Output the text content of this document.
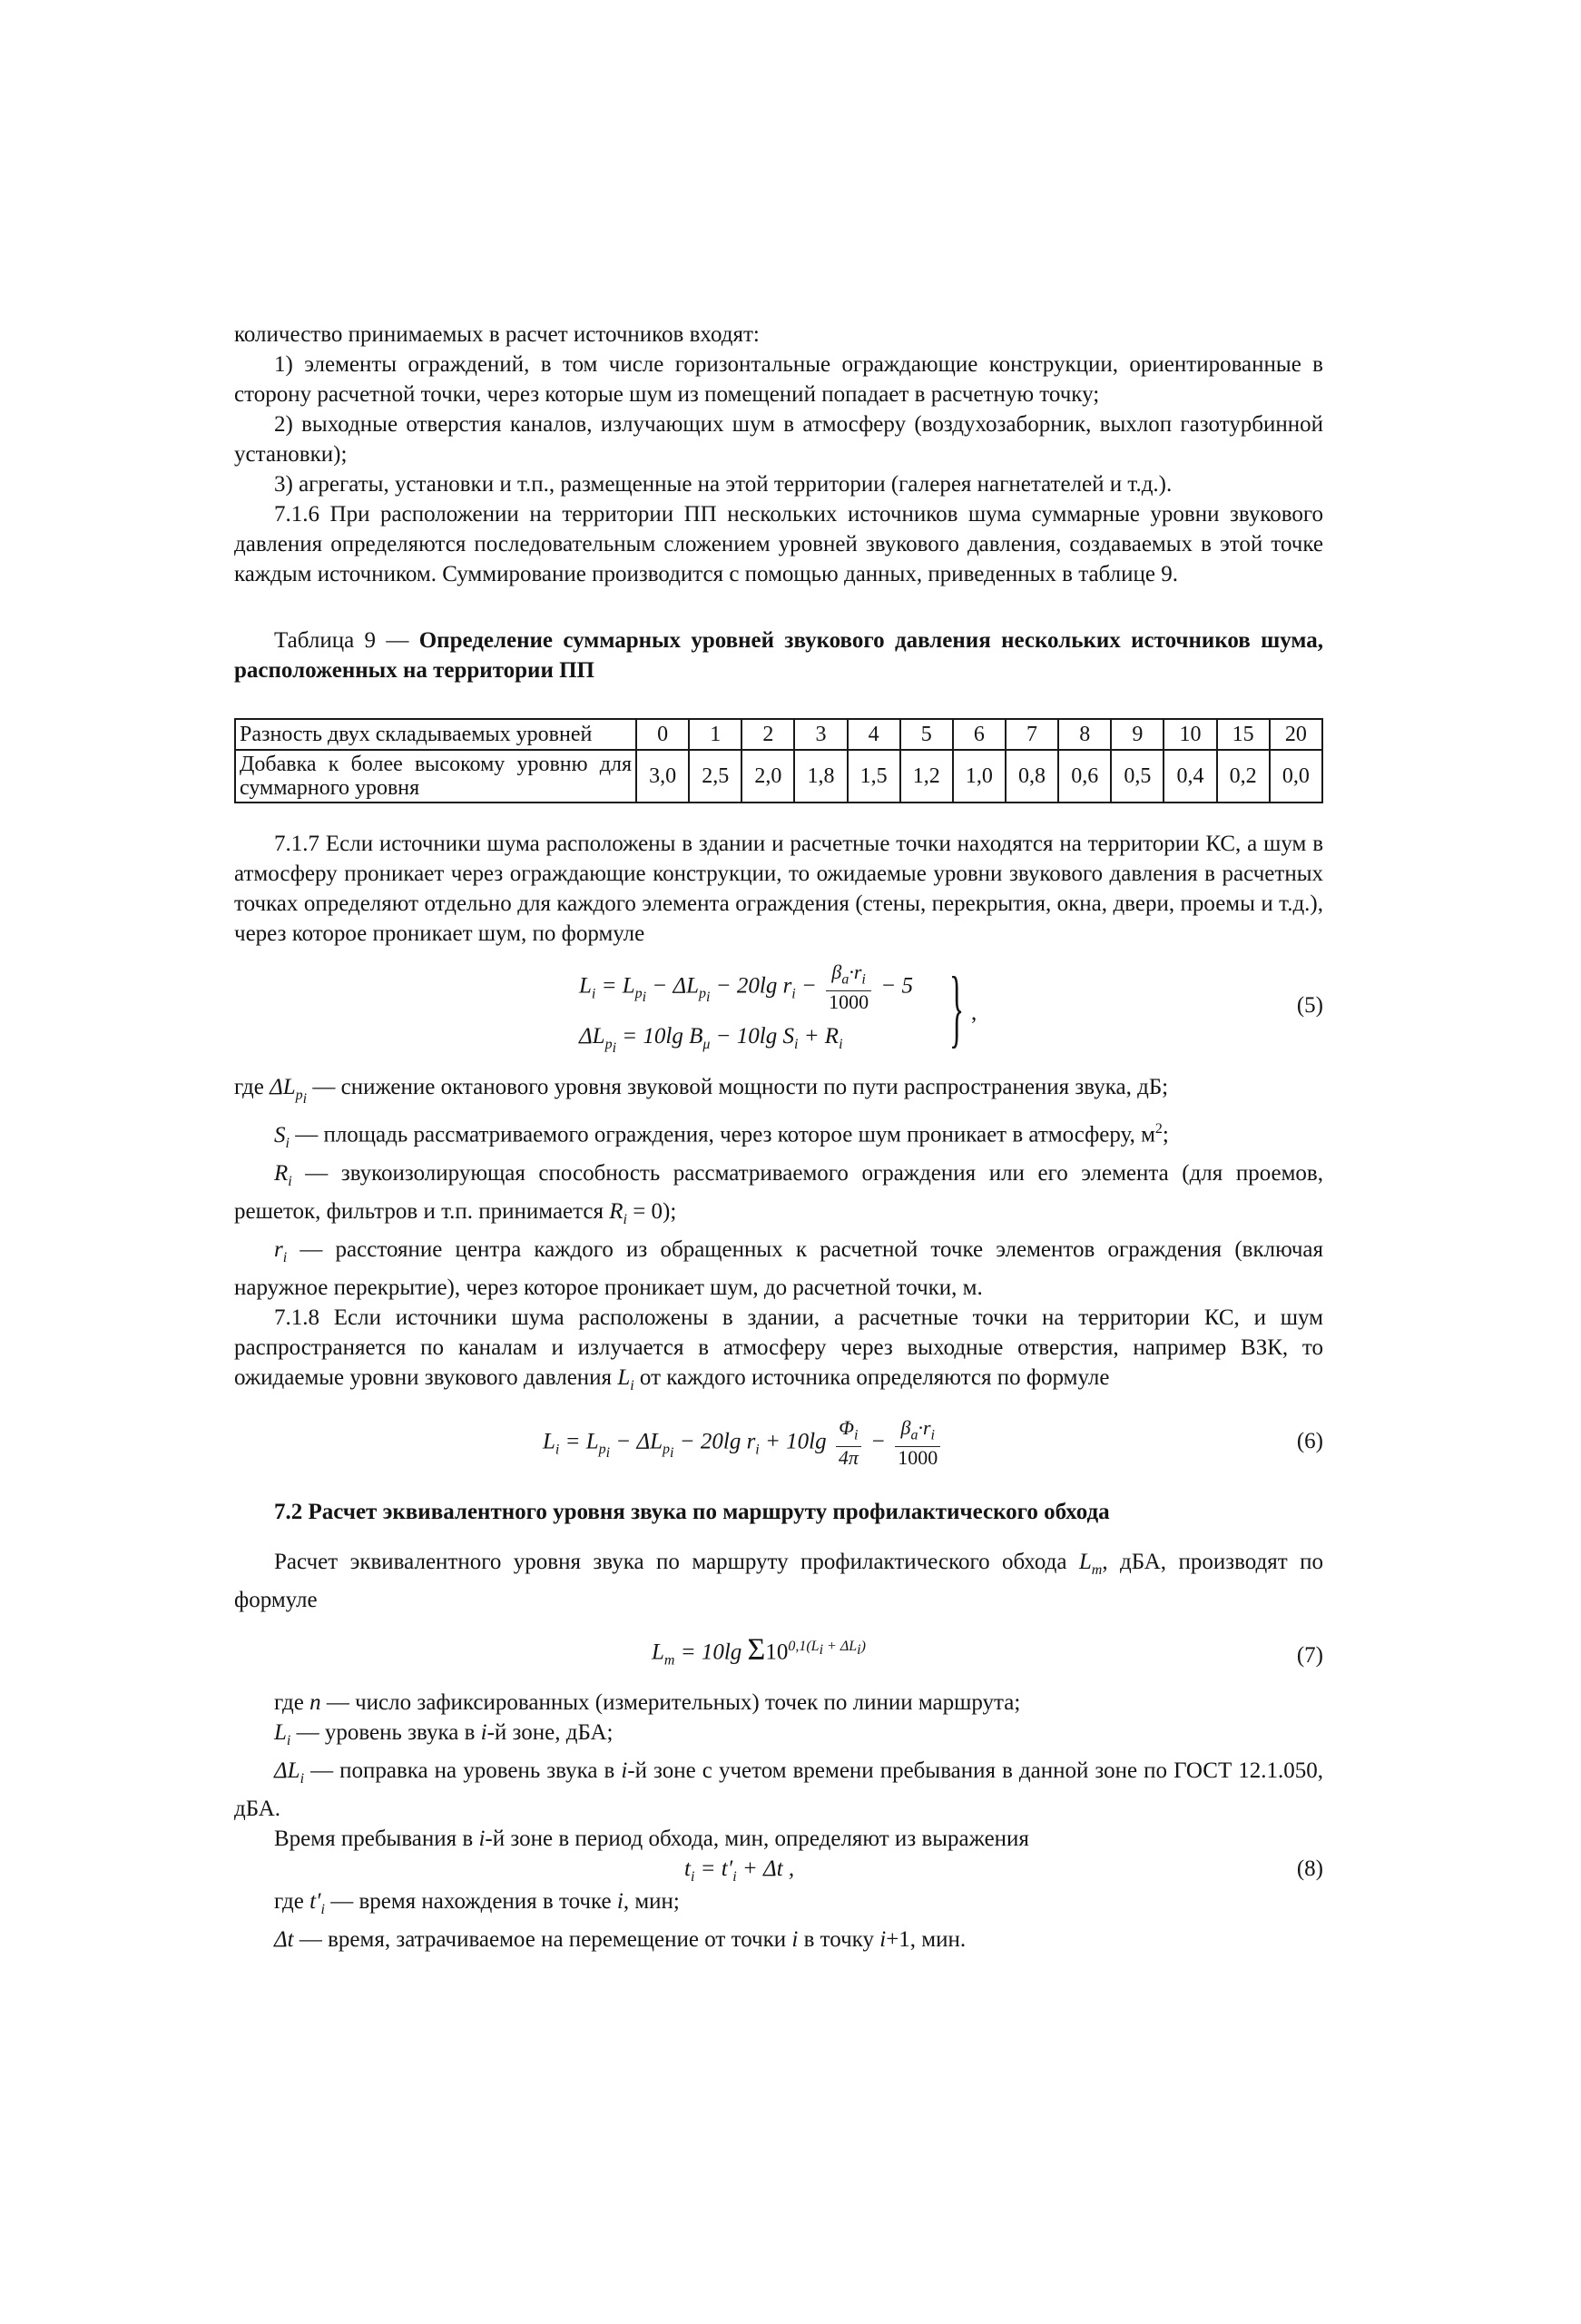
количество принимаемых в расчет источников входят:

1) элементы ограждений, в том числе горизонтальные ограждающие конструкции, ориентированные в сторону расчетной точки, через которые шум из помещений попадает в расчетную точку;

2) выходные отверстия каналов, излучающих шум в атмосферу (воздухозаборник, выхлоп газотурбинной установки);

3) агрегаты, установки и т.п., размещенные на этой территории (галерея нагнетателей и т.д.).

7.1.6 При расположении на территории ПП нескольких источников шума суммарные уровни звукового давления определяются последовательным сложением уровней звукового давления, создаваемых в этой точке каждым источником. Суммирование производится с помощью данных, приведенных в таблице 9.

Таблица 9 — Определение суммарных уровней звукового давления нескольких источников шума, расположенных на территории ПП

Разность двух складываемых уровней	0	1	2	3	4	5	6	7	8	9	10	15	20
Добавка к более высокому уровню для суммарного уровня	3,0	2,5	2,0	1,8	1,5	1,2	1,0	0,8	0,6	0,5	0,4	0,2	0,0

7.1.7 Если источники шума расположены в здании и расчетные точки находятся на территории КС, а шум в атмосферу проникает через ограждающие конструкции, то ожидаемые уровни звукового давления в расчетных точках определяют отдельно для каждого элемента ограждения (стены, перекрытия, окна, двери, проемы и т.д.), через которое проникает шум, по формуле

$L_i = L_{p_i} - \Delta L_{p_i} - 20\lg$ $r_i - \frac{\beta_a\cdot r_i}{1000} - 5$
$\Delta L_{p_i} = 10\lg$ $B_\mu - 10\lg$ $S_i + R_i$ } ,	(5)

где $\Delta L_{p_i}$ — снижение октанового уровня звуковой мощности по пути распространения звука, дБ;

$S_i$ — площадь рассматриваемого ограждения, через которое шум проникает в атмосферу, $м^2$;

$R_i$ — звукоизолирующая способность рассматриваемого ограждения или его элемента (для проемов, решеток, фильтров и т.п. принимается $R_i = 0$);

$r_i$ — расстояние центра каждого из обращенных к расчетной точке элементов ограждения (включая наружное перекрытие), через которое проникает шум, до расчетной точки, м.

7.1.8 Если источники шума расположены в здании, а расчетные точки на территории КС, и шум распространяется по каналам и излучается в атмосферу через выходные отверстия, например ВЗК, то ожидаемые уровни звукового давления $L_i$ от каждого источника определяются по формуле

$L_i = L_{p_i} - \Delta L_{p_i} - 20\lg$ $r_i + 10\lg \frac{\Phi_i}{4\pi} - \frac{\beta_a\cdot r_i}{1000}$	(6)

7.2 Расчет эквивалентного уровня звука по маршруту профилактического обхода

Расчет эквивалентного уровня звука по маршруту профилактического обхода $L_m$, дБА, производят по формуле

$L_m = 10\lg$ $\Sigma 10^{0,1(L_i + \Delta L_i)}$	(7)

где n — число зафиксированных (измерительных) точек по линии маршрута;

$L_i$ — уровень звука в i-й зоне, дБА;

$\Delta L_i$ — поправка на уровень звука в i-й зоне с учетом времени пребывания в данной зоне по ГОСТ 12.1.050, дБА.

Время пребывания в i-й зоне в период обхода, мин, определяют из выражения

$t_i = t'_i + \Delta t$ ,	(8)

где $t'_i$ — время нахождения в точке i, мин;

Δt — время, затрачиваемое на перемещение от точки i в точку i+1, мин.
